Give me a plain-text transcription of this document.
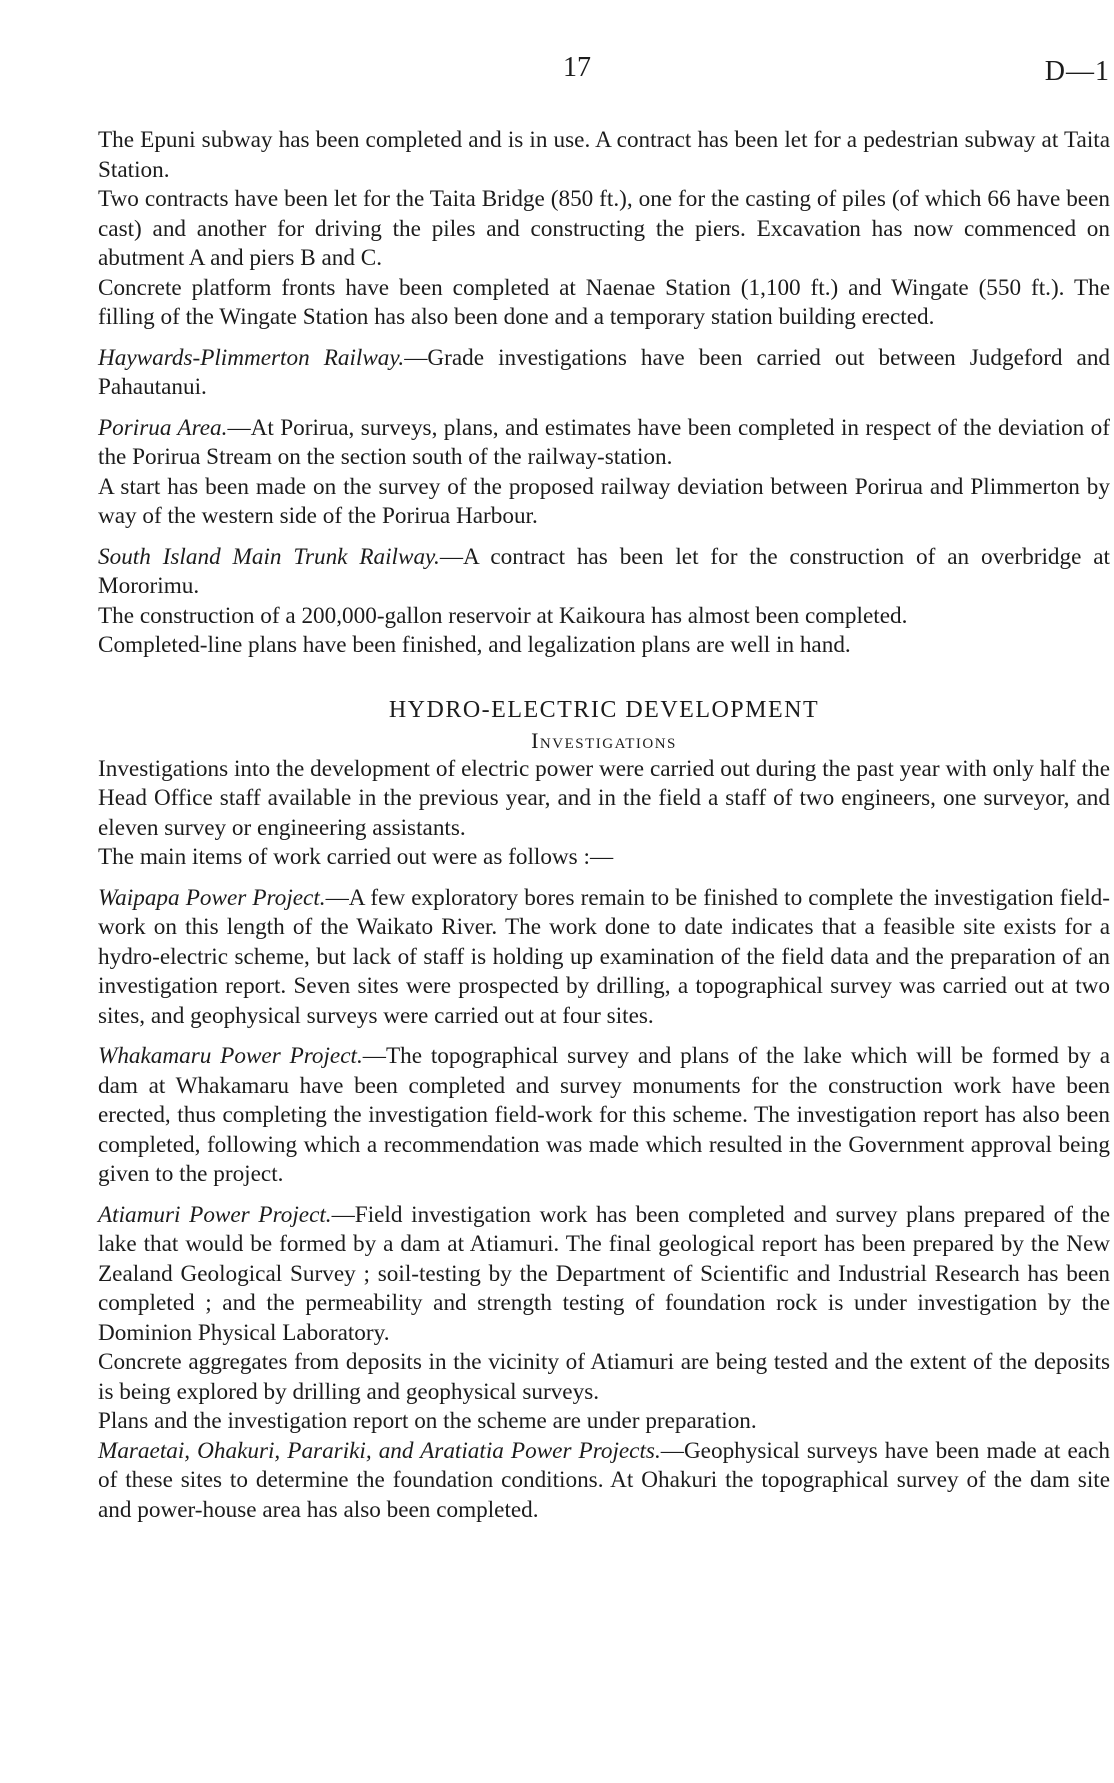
17	D—1

The Epuni subway has been completed and is in use. A contract has been let for a pedestrian subway at Taita Station.

Two contracts have been let for the Taita Bridge (850 ft.), one for the casting of piles (of which 66 have been cast) and another for driving the piles and constructing the piers. Excavation has now commenced on abutment A and piers B and C.

Concrete platform fronts have been completed at Naenae Station (1,100 ft.) and Wingate (550 ft.). The filling of the Wingate Station has also been done and a temporary station building erected.

Haywards-Plimmerton Railway.—Grade investigations have been carried out between Judgeford and Pahautanui.

Porirua Area.—At Porirua, surveys, plans, and estimates have been completed in respect of the deviation of the Porirua Stream on the section south of the railway-station.

A start has been made on the survey of the proposed railway deviation between Porirua and Plimmerton by way of the western side of the Porirua Harbour.

South Island Main Trunk Railway.—A contract has been let for the construction of an overbridge at Mororimu.

The construction of a 200,000-gallon reservoir at Kaikoura has almost been completed.

Completed-line plans have been finished, and legalization plans are well in hand.

HYDRO-ELECTRIC DEVELOPMENT
Investigations

Investigations into the development of electric power were carried out during the past year with only half the Head Office staff available in the previous year, and in the field a staff of two engineers, one surveyor, and eleven survey or engineering assistants.

The main items of work carried out were as follows :—

Waipapa Power Project.—A few exploratory bores remain to be finished to complete the investigation field-work on this length of the Waikato River. The work done to date indicates that a feasible site exists for a hydro-electric scheme, but lack of staff is holding up examination of the field data and the preparation of an investigation report. Seven sites were prospected by drilling, a topographical survey was carried out at two sites, and geophysical surveys were carried out at four sites.

Whakamaru Power Project.—The topographical survey and plans of the lake which will be formed by a dam at Whakamaru have been completed and survey monuments for the construction work have been erected, thus completing the investigation field-work for this scheme. The investigation report has also been completed, following which a recommendation was made which resulted in the Government approval being given to the project.

Atiamuri Power Project.—Field investigation work has been completed and survey plans prepared of the lake that would be formed by a dam at Atiamuri. The final geological report has been prepared by the New Zealand Geological Survey ; soil-testing by the Department of Scientific and Industrial Research has been completed ; and the permeability and strength testing of foundation rock is under investigation by the Dominion Physical Laboratory.

Concrete aggregates from deposits in the vicinity of Atiamuri are being tested and the extent of the deposits is being explored by drilling and geophysical surveys.

Plans and the investigation report on the scheme are under preparation.

Maraetai, Ohakuri, Parariki, and Aratiatia Power Projects.—Geophysical surveys have been made at each of these sites to determine the foundation conditions. At Ohakuri the topographical survey of the dam site and power-house area has also been completed.
